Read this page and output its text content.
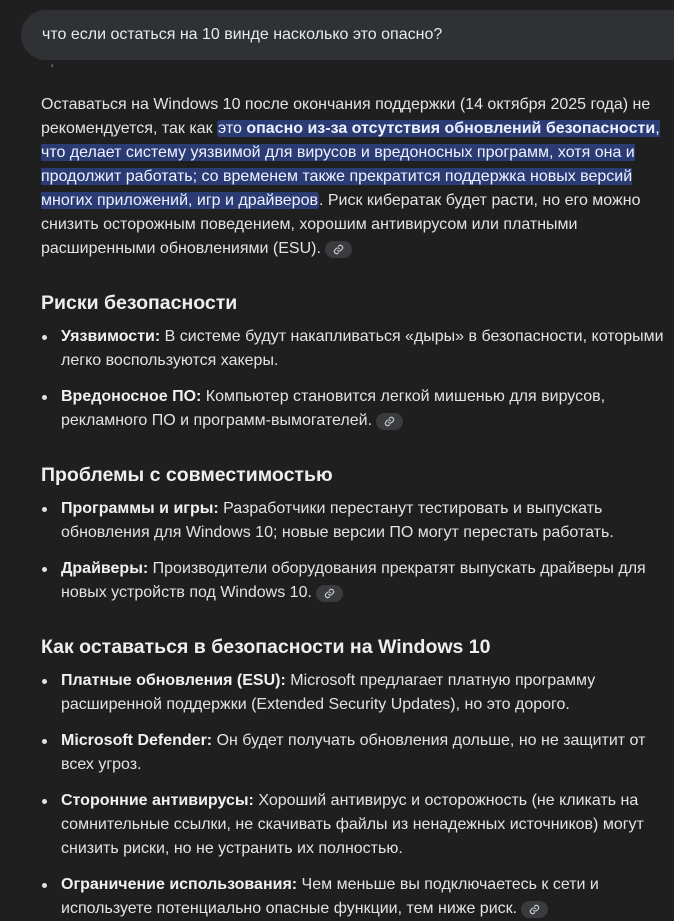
что если остаться на 10 винде насколько это опасно?
'

Оставаться на Windows 10 после окончания поддержки (14 октября 2025 года) не рекомендуется, так как это опасно из-за отсутствия обновлений безопасности, что делает систему уязвимой для вирусов и вредоносных программ, хотя она и продолжит работать; со временем также прекратится поддержка новых версий многих приложений, игр и драйверов. Риск кибератак будет расти, но его можно снизить осторожным поведением, хорошим антивирусом или платными расширенными обновлениями (ESU).

Риски безопасности
Уязвимости: В системе будут накапливаться «дыры» в безопасности, которыми легко воспользуются хакеры.
Вредоносное ПО: Компьютер становится легкой мишенью для вирусов, рекламного ПО и программ-вымогателей.
Проблемы с совместимостью
Программы и игры: Разработчики перестанут тестировать и выпускать обновления для Windows 10; новые версии ПО могут перестать работать.
Драйверы: Производители оборудования прекратят выпускать драйверы для новых устройств под Windows 10.
Как оставаться в безопасности на Windows 10
Платные обновления (ESU): Microsoft предлагает платную программу расширенной поддержки (Extended Security Updates), но это дорого.
Microsoft Defender: Он будет получать обновления дольше, но не защитит от всех угроз.
Сторонние антивирусы: Хороший антивирус и осторожность (не кликать на сомнительные ссылки, не скачивать файлы из ненадежных источников) могут снизить риски, но не устранить их полностью.
Ограничение использования: Чем меньше вы подключаетесь к сети и используете потенциально опасные функции, тем ниже риск.
